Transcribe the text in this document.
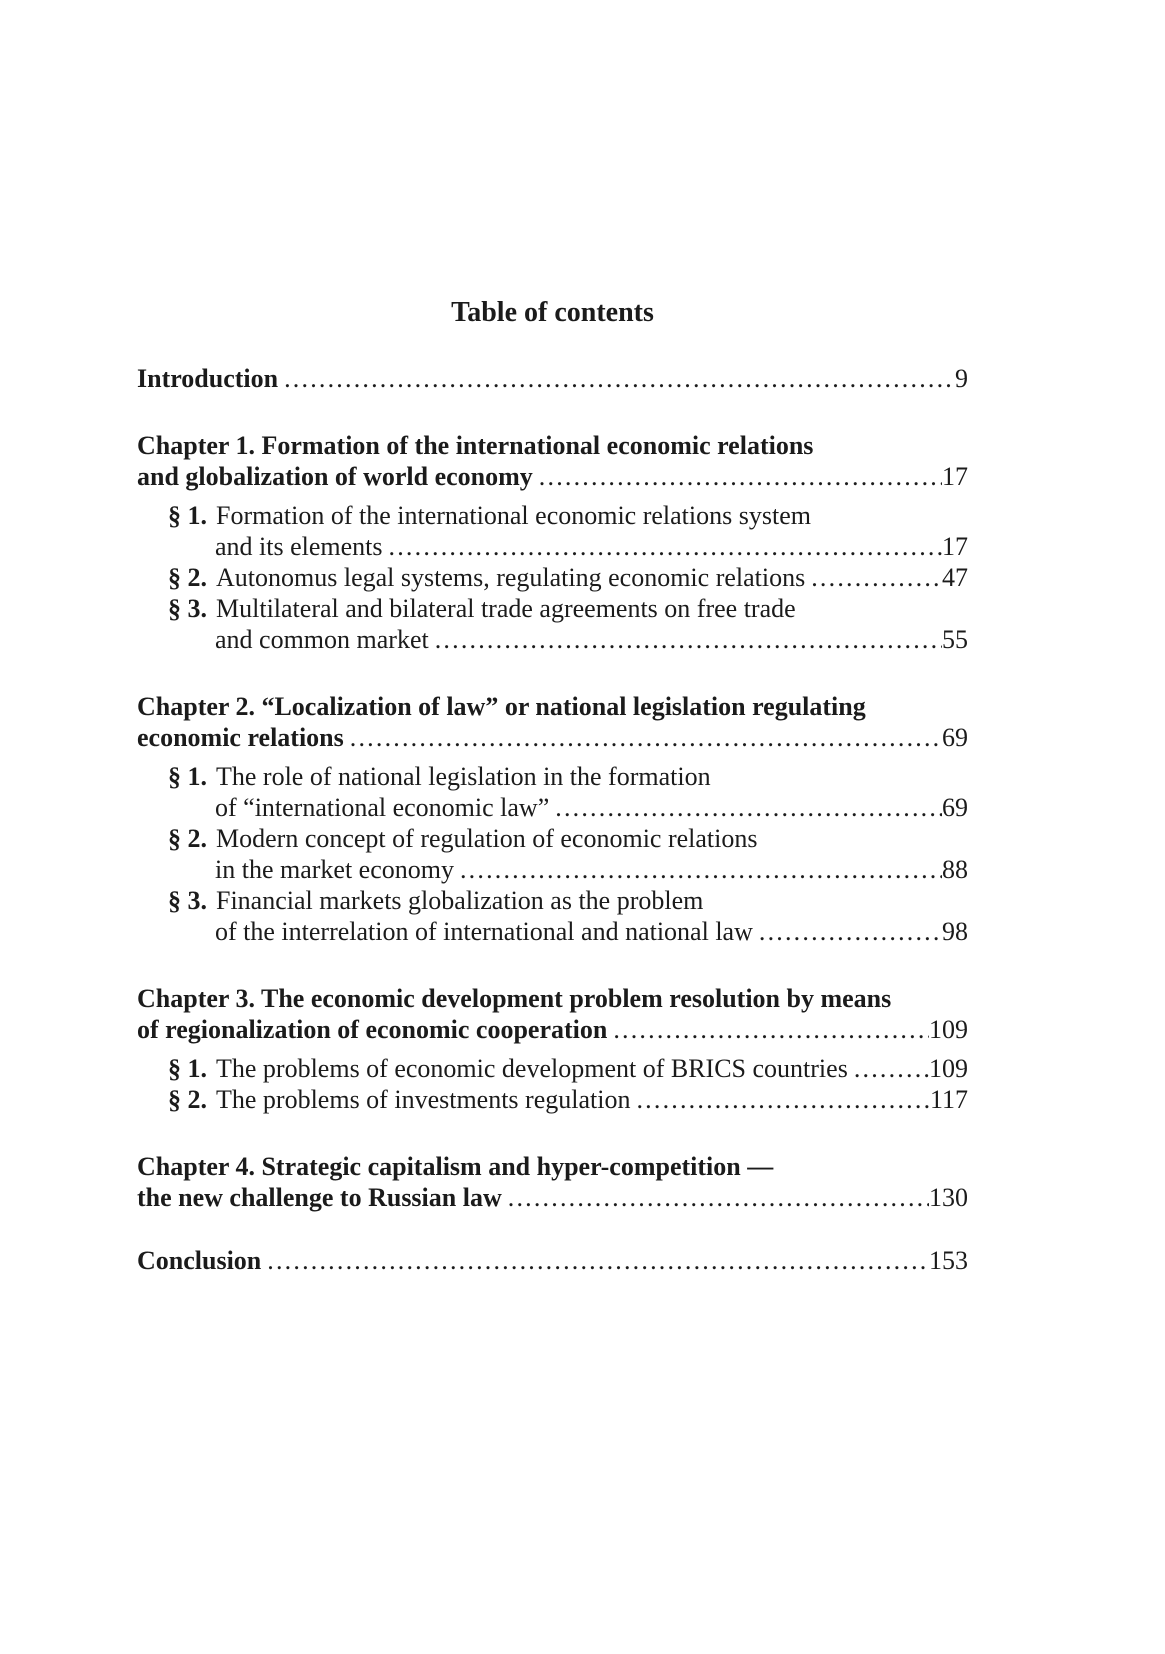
Table of contents
Introduction .....	9
Chapter 1. Formation of the international economic relations
and globalization of world economy .....	17
§ 1. Formation of the international economic relations system
and its elements .....	17
§ 2. Autonomus legal systems, regulating economic relations .....	47
§ 3. Multilateral and bilateral trade agreements on free trade
and common market .....	55
Chapter 2. “Localization of law” or national legislation regulating
economic relations .....	69
§ 1. The role of national legislation in the formation
of “international economic law” .....	69
§ 2. Modern concept of regulation of economic relations
in the market economy .....	88
§ 3. Financial markets globalization as the problem
of the interrelation of international and national law .....	98
Chapter 3. The economic development problem resolution by means
of regionalization of economic cooperation .....	109
§ 1. The problems of economic development of BRICS countries .....	109
§ 2. The problems of investments regulation .....	117
Chapter 4. Strategic capitalism and hyper-competition —
the new challenge to Russian law .....	130
Conclusion .....	153
